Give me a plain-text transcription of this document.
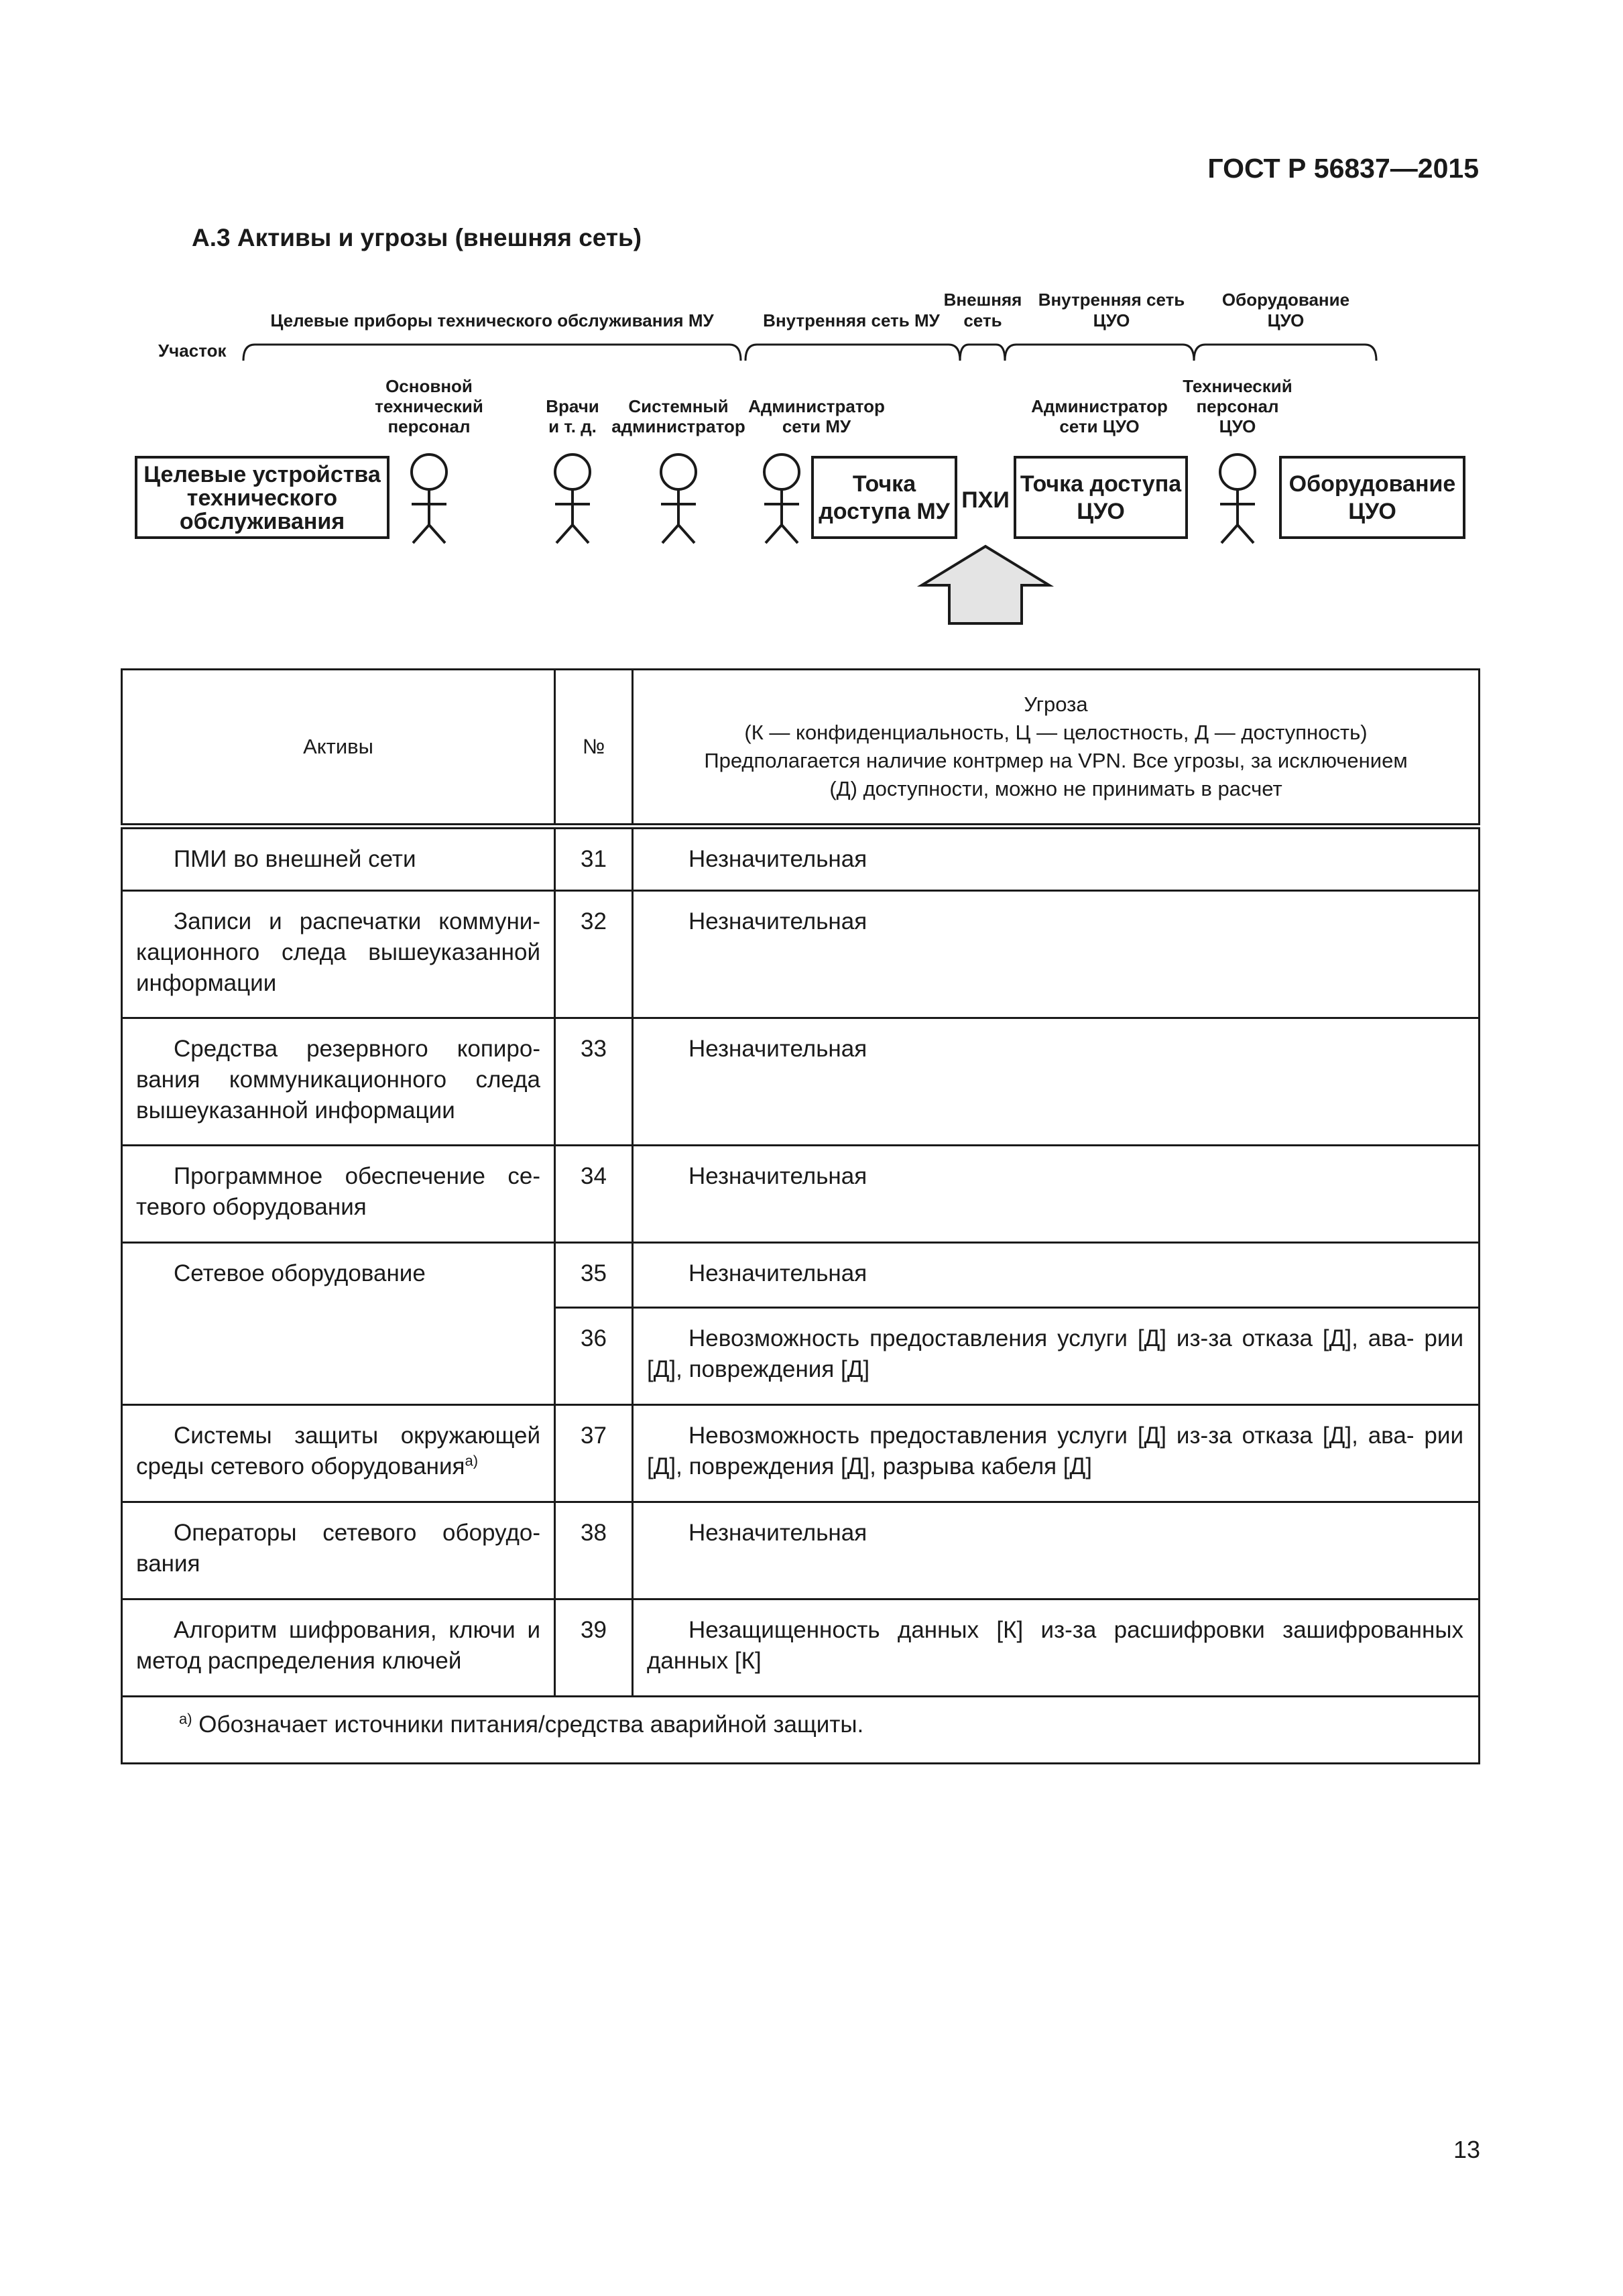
ГОСТ Р 56837—2015
А.3 Активы и угрозы (внешняя сеть)
Внешняя Внутренняя сеть Оборудование
Целевые приборы технического обслуживания МУ	Внутренняя сеть МУ сеть	ЦУО	ЦУО
Участок
Основной
технический
персонал
Врачи
и т. д.
Системный
администратор
Администратор
сети МУ
Администратор
сети ЦУО
Технический
персонал
ЦУО
Целевые устройства
технического
обслуживания
Точка
доступа МУ
Точка доступа
ЦУО
Оборудование
ЦУО
ПХИ
Активы	№	Угроза
(К — конфиденциальность, Ц — целостность, Д — доступность)
Предполагается наличие контрмер на VPN. Все угрозы, за исключением
(Д) доступности, можно не принимать в расчет

ПМИ во внешней сети	31	Незначительная
Записи и распечатки коммуни- кационного следа вышеуказанной информации	32	Незначительная
Средства резервного копиро- вания коммуникационного следа вышеуказанной информации	33	Незначительная
Программное обеспечение се- тевого оборудования	34	Незначительная
Сетевое оборудование	35	Незначительная
	36	Невозможность предоставления услуги [Д] из-за отказа [Д], ава- рии [Д], повреждения [Д]
Системы защиты окружающей среды сетевого оборудования$^{а)}$	37	Невозможность предоставления услуги [Д] из-за отказа [Д], ава- рии [Д], повреждения [Д], разрыва кабеля [Д]
Операторы сетевого оборудо- вания	38	Незначительная
Алгоритм шифрования, ключи и метод распределения ключей	39	Незащищенность данных [К] из-за расшифровки зашифрованных данных [К]
$^{а)}$ Обозначает источники питания/средства аварийной защиты.		
13
